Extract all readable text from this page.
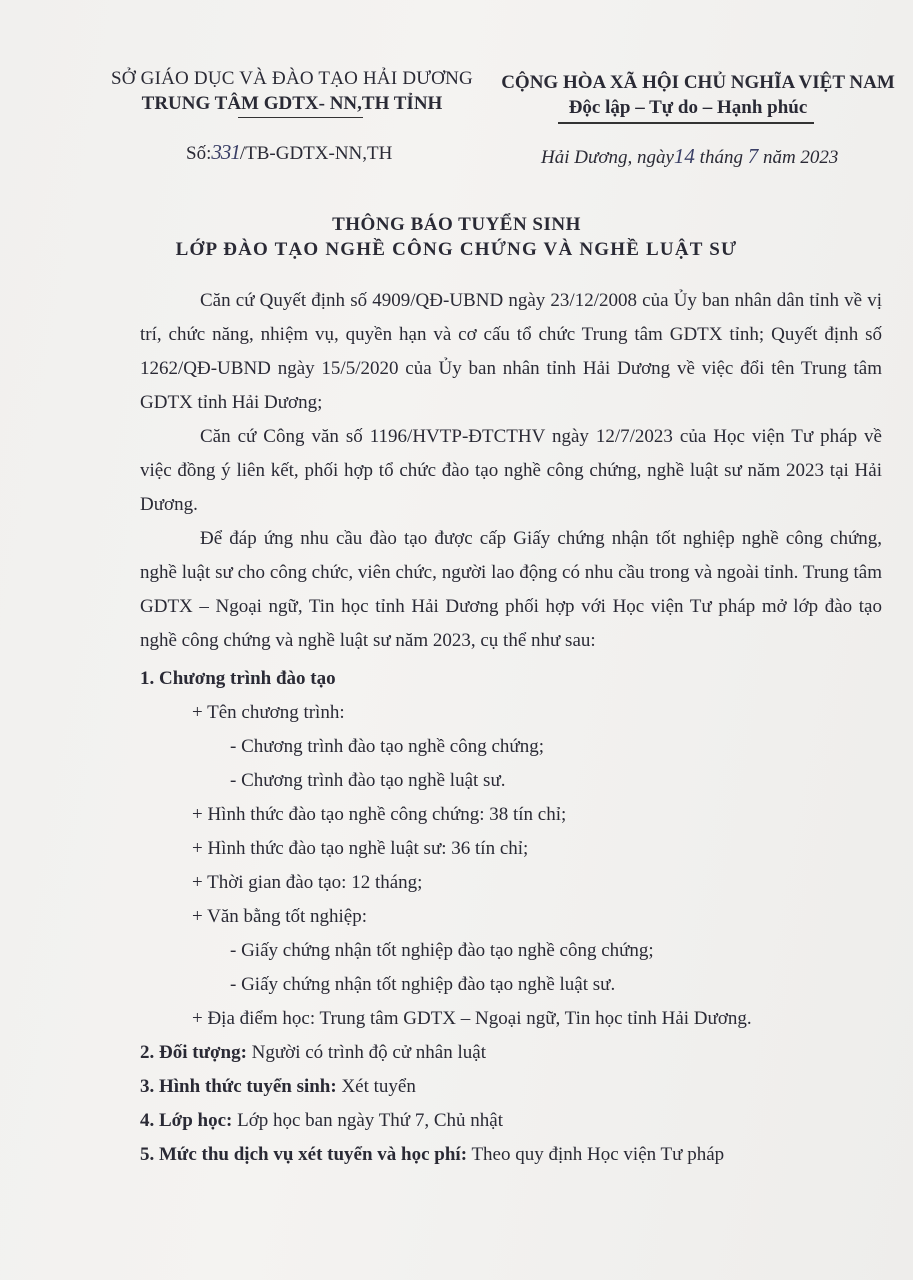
SỞ GIÁO DỤC VÀ ĐÀO TẠO HẢI DƯƠNG
TRUNG TÂM GDTX- NN,TH TỈNH
CỘNG HÒA XÃ HỘI CHỦ NGHĨA VIỆT NAM
Độc lập – Tự do – Hạnh phúc
Số:331/TB-GDTX-NN,TH	Hải Dương, ngày14 tháng 7 năm 2023
THÔNG BÁO TUYỂN SINH
LỚP ĐÀO TẠO NGHỀ CÔNG CHỨNG VÀ NGHỀ LUẬT SƯ

Căn cứ Quyết định số 4909/QĐ-UBND ngày 23/12/2008 của Ủy ban nhân dân tỉnh về vị trí, chức năng, nhiệm vụ, quyền hạn và cơ cấu tổ chức Trung tâm GDTX tỉnh; Quyết định số 1262/QĐ-UBND ngày 15/5/2020 của Ủy ban nhân tỉnh Hải Dương về việc đổi tên Trung tâm GDTX tỉnh Hải Dương;

Căn cứ Công văn số 1196/HVTP-ĐTCTHV ngày 12/7/2023 của Học viện Tư pháp về việc đồng ý liên kết, phối hợp tổ chức đào tạo nghề công chứng, nghề luật sư năm 2023 tại Hải Dương.

Để đáp ứng nhu cầu đào tạo được cấp Giấy chứng nhận tốt nghiệp nghề công chứng, nghề luật sư cho công chức, viên chức, người lao động có nhu cầu trong và ngoài tỉnh. Trung tâm GDTX – Ngoại ngữ, Tin học tỉnh Hải Dương phối hợp với Học viện Tư pháp mở lớp đào tạo nghề công chứng và nghề luật sư năm 2023, cụ thể như sau:

1. Chương trình đào tạo
+ Tên chương trình:
- Chương trình đào tạo nghề công chứng;
- Chương trình đào tạo nghề luật sư.
+ Hình thức đào tạo nghề công chứng: 38 tín chỉ;
+ Hình thức đào tạo nghề luật sư: 36 tín chỉ;
+ Thời gian đào tạo: 12 tháng;
+ Văn bằng tốt nghiệp:
- Giấy chứng nhận tốt nghiệp đào tạo nghề công chứng;
- Giấy chứng nhận tốt nghiệp đào tạo nghề luật sư.
+ Địa điểm học: Trung tâm GDTX – Ngoại ngữ, Tin học tỉnh Hải Dương.
2. Đối tượng: Người có trình độ cử nhân luật
3. Hình thức tuyển sinh: Xét tuyển
4. Lớp học: Lớp học ban ngày Thứ 7, Chủ nhật
5. Mức thu dịch vụ xét tuyển và học phí: Theo quy định Học viện Tư pháp
